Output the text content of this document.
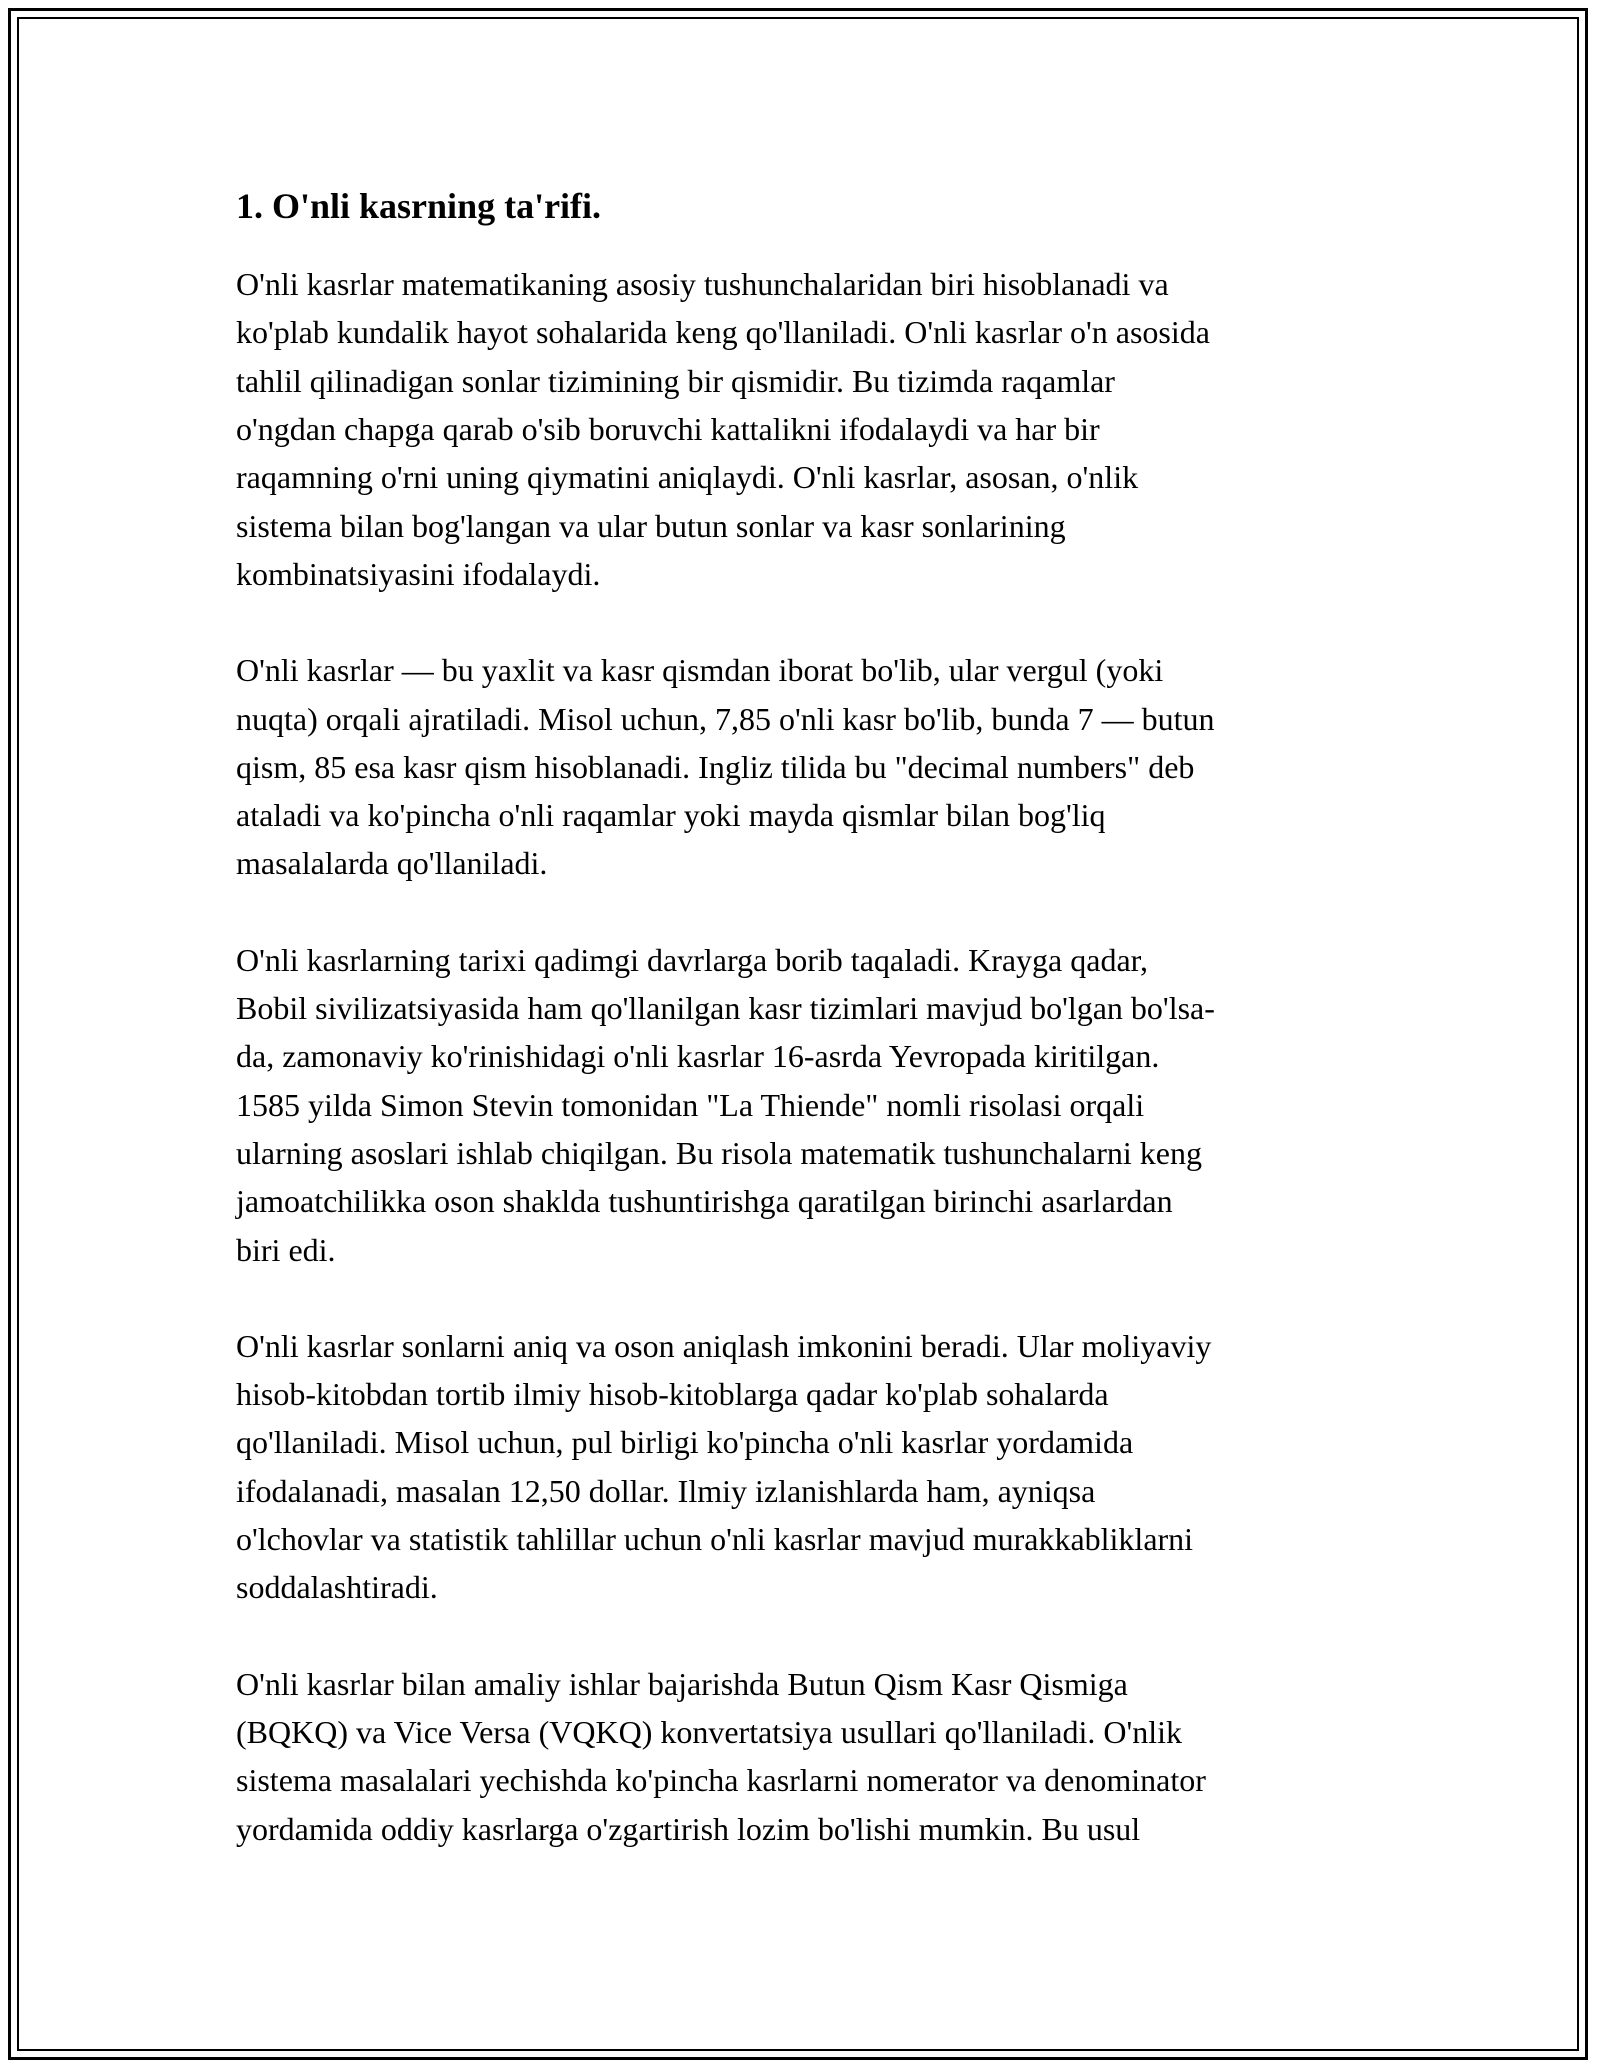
1. O'nli kasrning ta'rifi.

O'nli kasrlar matematikaning asosiy tushunchalaridan biri hisoblanadi va
ko'plab kundalik hayot sohalarida keng qo'llaniladi. O'nli kasrlar o'n asosida
tahlil qilinadigan sonlar tizimining bir qismidir. Bu tizimda raqamlar
o'ngdan chapga qarab o'sib boruvchi kattalikni ifodalaydi va har bir
raqamning o'rni uning qiymatini aniqlaydi. O'nli kasrlar, asosan, o'nlik
sistema bilan bog'langan va ular butun sonlar va kasr sonlarining
kombinatsiyasini ifodalaydi.

O'nli kasrlar — bu yaxlit va kasr qismdan iborat bo'lib, ular vergul (yoki
nuqta) orqali ajratiladi. Misol uchun, 7,85 o'nli kasr bo'lib, bunda 7 — butun
qism, 85 esa kasr qism hisoblanadi. Ingliz tilida bu "decimal numbers" deb
ataladi va ko'pincha o'nli raqamlar yoki mayda qismlar bilan bog'liq
masalalarda qo'llaniladi.

O'nli kasrlarning tarixi qadimgi davrlarga borib taqaladi. Krayga qadar,
Bobil sivilizatsiyasida ham qo'llanilgan kasr tizimlari mavjud bo'lgan bo'lsa-
da, zamonaviy ko'rinishidagi o'nli kasrlar 16-asrda Yevropada kiritilgan.
1585 yilda Simon Stevin tomonidan "La Thiende" nomli risolasi orqali
ularning asoslari ishlab chiqilgan. Bu risola matematik tushunchalarni keng
jamoatchilikka oson shaklda tushuntirishga qaratilgan birinchi asarlardan
biri edi.

O'nli kasrlar sonlarni aniq va oson aniqlash imkonini beradi. Ular moliyaviy
hisob-kitobdan tortib ilmiy hisob-kitoblarga qadar ko'plab sohalarda
qo'llaniladi. Misol uchun, pul birligi ko'pincha o'nli kasrlar yordamida
ifodalanadi, masalan 12,50 dollar. Ilmiy izlanishlarda ham, ayniqsa
o'lchovlar va statistik tahlillar uchun o'nli kasrlar mavjud murakkabliklarni
soddalashtiradi.

O'nli kasrlar bilan amaliy ishlar bajarishda Butun Qism Kasr Qismiga
(BQKQ) va Vice Versa (VQKQ) konvertatsiya usullari qo'llaniladi. O'nlik
sistema masalalari yechishda ko'pincha kasrlarni nomerator va denominator
yordamida oddiy kasrlarga o'zgartirish lozim bo'lishi mumkin. Bu usul
